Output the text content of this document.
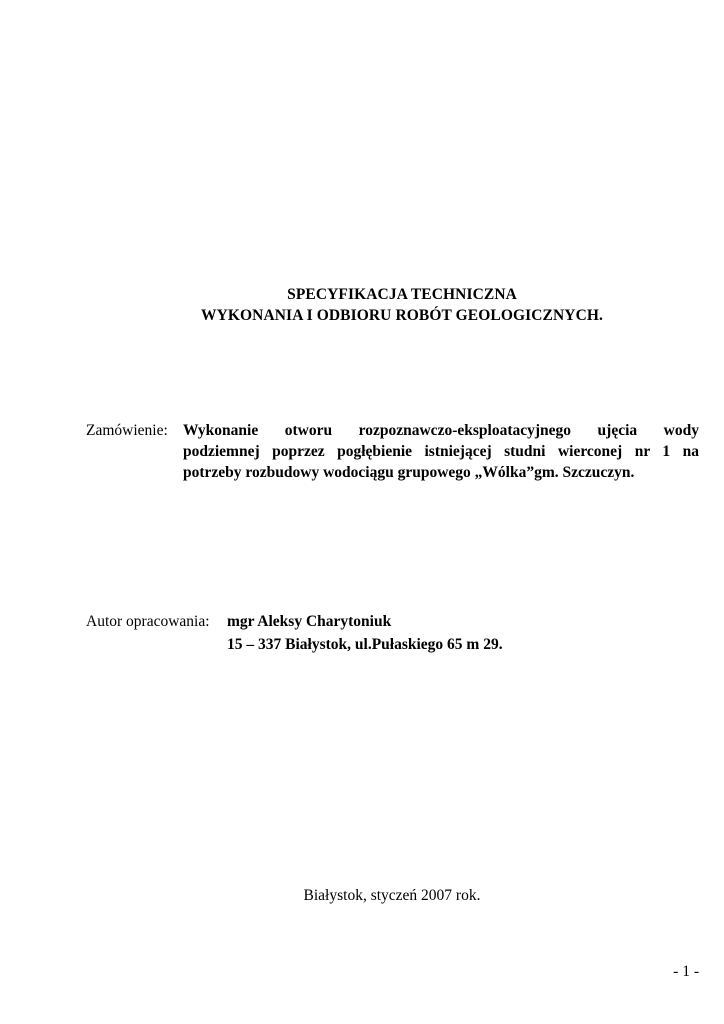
SPECYFIKACJA TECHNICZNA
WYKONANIA I ODBIORU ROBÓT GEOLOGICZNYCH.
Zamówienie: Wykonanie otworu rozpoznawczo-eksploatacyjnego ujęcia wody
podziemnej poprzez pogłębienie istniejącej studni wierconej nr 1 na
potrzeby rozbudowy wodociągu grupowego „Wólka”gm. Szczuczyn.
Autor opracowania: mgr Aleksy Charytoniuk
15 – 337 Białystok, ul.Pułaskiego 65 m 29.
Białystok, styczeń 2007 rok.
- 1 -
